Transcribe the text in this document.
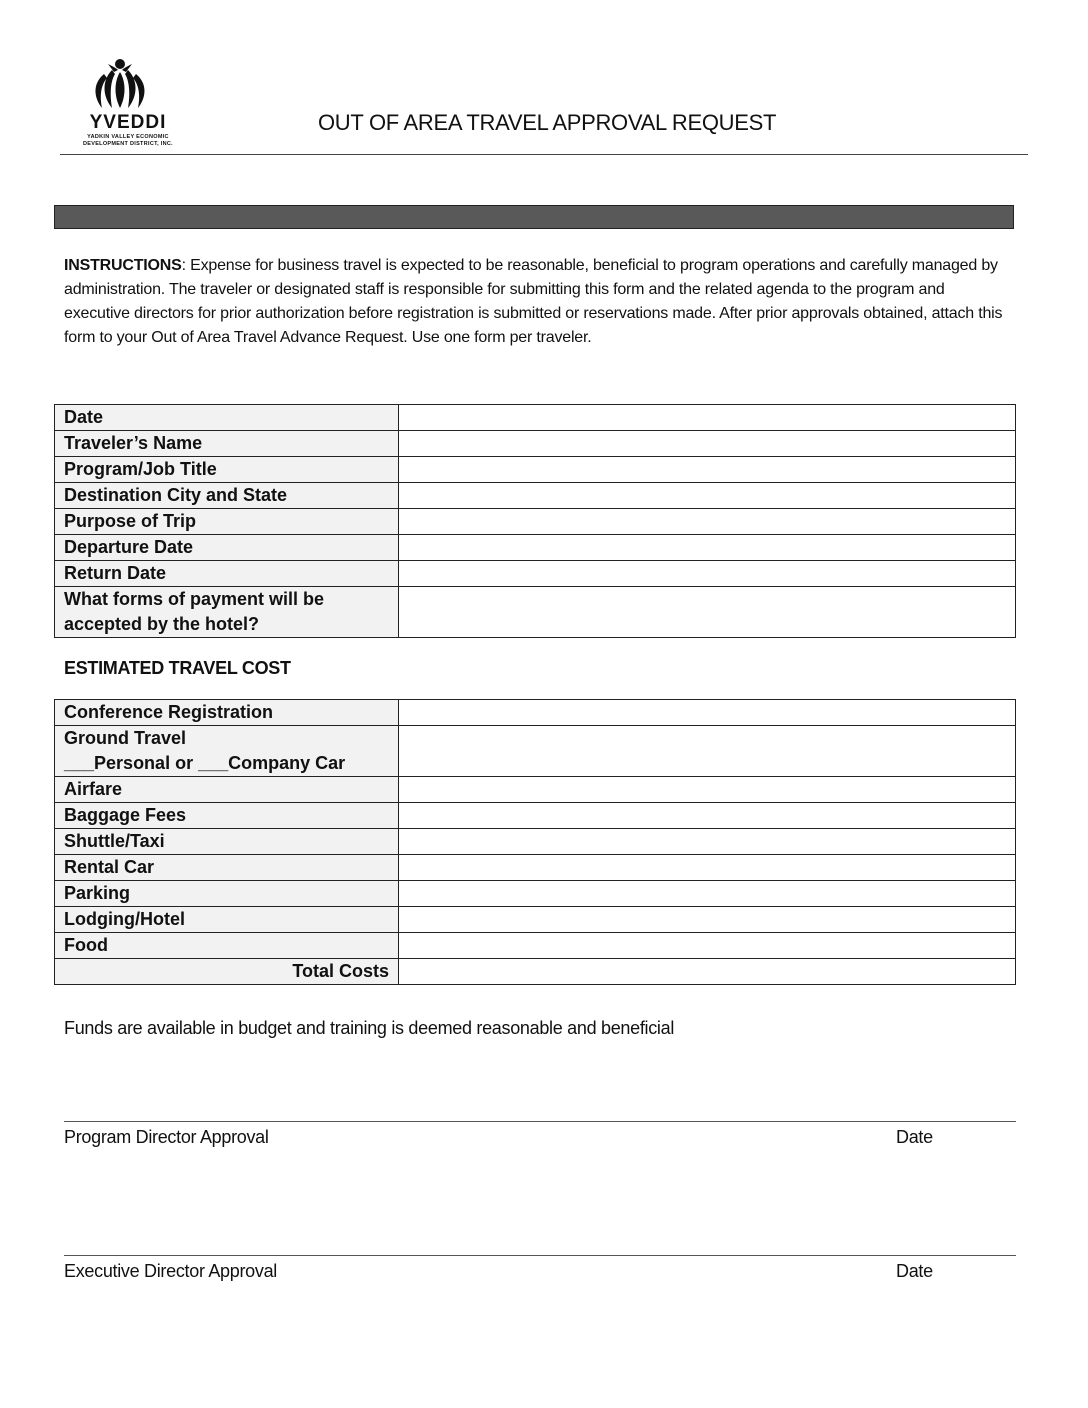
YVEDDI
YADKIN VALLEY ECONOMIC
DEVELOPMENT DISTRICT, INC.
OUT OF AREA TRAVEL APPROVAL REQUEST
INSTRUCTIONS: Expense for business travel is expected to be reasonable, beneficial to program operations and carefully managed by administration. The traveler or designated staff is responsible for submitting this form and the related agenda to the program and executive directors for prior authorization before registration is submitted or reservations made. After prior approvals obtained, attach this form to your Out of Area Travel Advance Request. Use one form per traveler.
Date	
Traveler’s Name	
Program/Job Title	
Destination City and State	
Purpose of Trip	
Departure Date	
Return Date	

What forms of payment will be
accepted by the hotel?	

ESTIMATED TRAVEL COST
Conference Registration	

Ground Travel
___Personal or ___Company Car	

Airfare	
Baggage Fees	
Shuttle/Taxi	
Rental Car	
Parking	
Lodging/Hotel	
Food	
Total Costs	
Funds are available in budget and training is deemed reasonable and beneficial
Program Director Approval	Date
Executive Director Approval	Date
